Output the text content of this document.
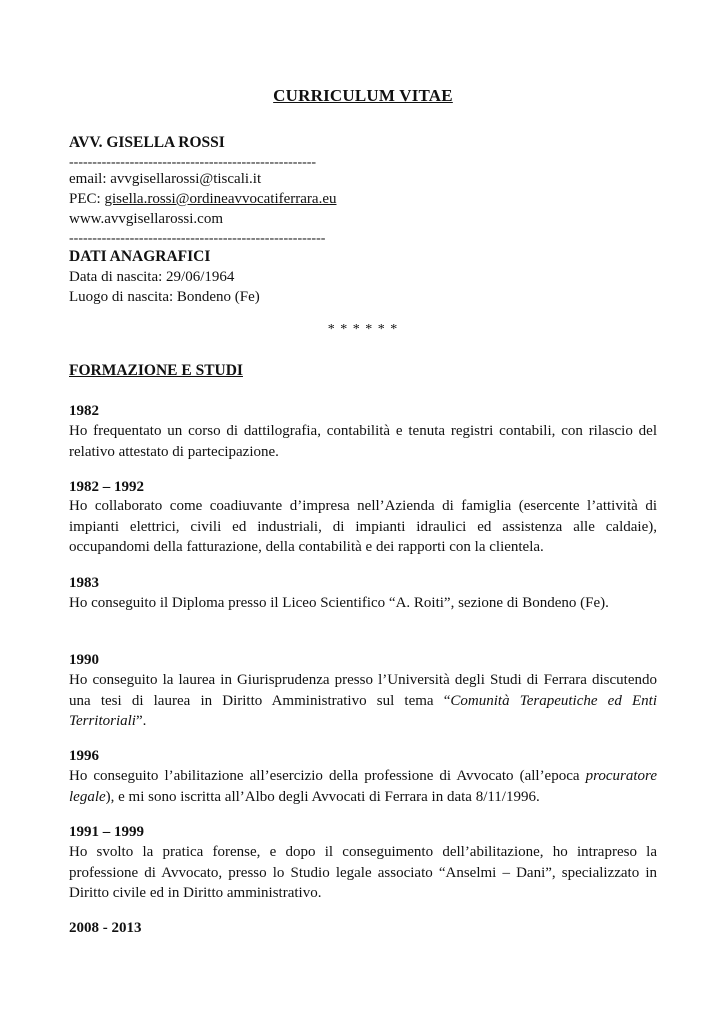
CURRICULUM VITAE
AVV. GISELLA ROSSI
-----------------------------------------------------
email: avvgisellarossi@tiscali.it
PEC: gisella.rossi@ordineavvocatiferrara.eu
www.avvgisellarossi.com
-------------------------------------------------------
DATI ANAGRAFICI
Data di nascita: 29/06/1964
Luogo di nascita: Bondeno (Fe)
* * * * * *
FORMAZIONE E STUDI
1982
Ho frequentato un corso di dattilografia, contabilità e tenuta registri contabili, con rilascio del relativo attestato di partecipazione.
1982 – 1992
Ho collaborato come coadiuvante d’impresa nell’Azienda di famiglia (esercente l’attività di impianti elettrici, civili ed industriali, di impianti idraulici ed assistenza alle caldaie), occupandomi della fatturazione, della contabilità e dei rapporti con la clientela.
1983
Ho conseguito il Diploma presso il Liceo Scientifico “A. Roiti”, sezione di Bondeno (Fe).
1990
Ho conseguito la laurea in Giurisprudenza presso l’Università degli Studi di Ferrara discutendo una tesi di laurea in Diritto Amministrativo sul tema “Comunità Terapeutiche ed Enti Territoriali”.
1996
Ho conseguito l’abilitazione all’esercizio della professione di Avvocato (all’epoca procuratore legale), e mi sono iscritta all’Albo degli Avvocati di Ferrara in data 8/11/1996.
1991 – 1999
Ho svolto la pratica forense, e dopo il conseguimento dell’abilitazione, ho intrapreso la professione di Avvocato, presso lo Studio legale associato “Anselmi – Dani”, specializzato in Diritto civile ed in Diritto amministrativo.
2008 - 2013
